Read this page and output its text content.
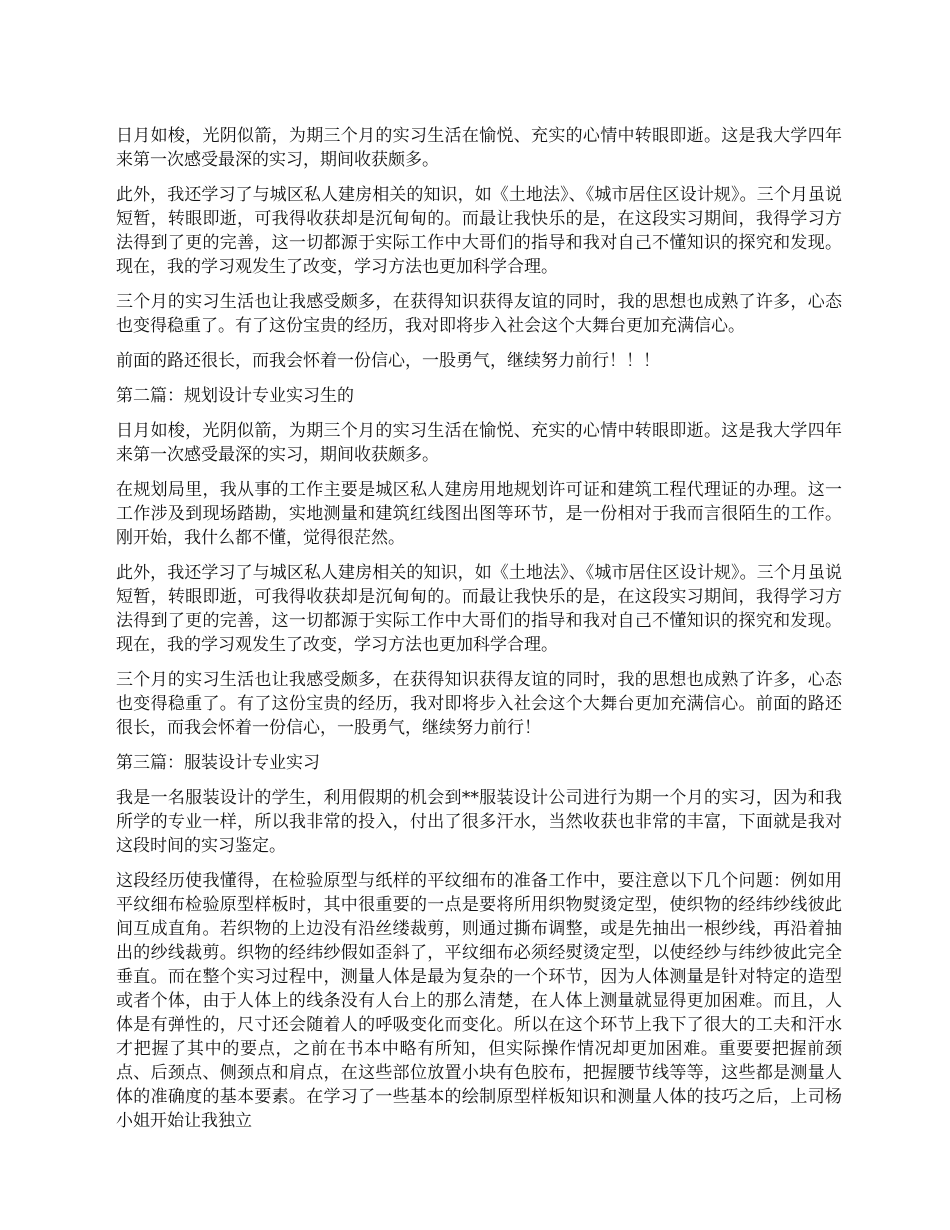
日月如梭，光阴似箭，为期三个月的实习生活在愉悦、充实的心情中转眼即逝。这是我大学四年来第一次感受最深的实习，期间收获颇多。

此外，我还学习了与城区私人建房相关的知识，如《土地法》、《城市居住区设计规》。三个月虽说短暂，转眼即逝，可我得收获却是沉甸甸的。而最让我快乐的是，在这段实习期间，我得学习方法得到了更的完善，这一切都源于实际工作中大哥们的指导和我对自己不懂知识的探究和发现。现在，我的学习观发生了改变，学习方法也更加科学合理。

三个月的实习生活也让我感受颇多，在获得知识获得友谊的同时，我的思想也成熟了许多，心态也变得稳重了。有了这份宝贵的经历，我对即将步入社会这个大舞台更加充满信心。

前面的路还很长，而我会怀着一份信心，一股勇气，继续努力前行！！！

第二篇：规划设计专业实习生的

日月如梭，光阴似箭，为期三个月的实习生活在愉悦、充实的心情中转眼即逝。这是我大学四年来第一次感受最深的实习，期间收获颇多。

在规划局里，我从事的工作主要是城区私人建房用地规划许可证和建筑工程代理证的办理。这一工作涉及到现场踏勘，实地测量和建筑红线图出图等环节，是一份相对于我而言很陌生的工作。刚开始，我什么都不懂，觉得很茫然。

此外，我还学习了与城区私人建房相关的知识，如《土地法》、《城市居住区设计规》。三个月虽说短暂，转眼即逝，可我得收获却是沉甸甸的。而最让我快乐的是，在这段实习期间，我得学习方法得到了更的完善，这一切都源于实际工作中大哥们的指导和我对自己不懂知识的探究和发现。现在，我的学习观发生了改变，学习方法也更加科学合理。

三个月的实习生活也让我感受颇多，在获得知识获得友谊的同时，我的思想也成熟了许多，心态也变得稳重了。有了这份宝贵的经历，我对即将步入社会这个大舞台更加充满信心。前面的路还很长，而我会怀着一份信心，一股勇气，继续努力前行！

第三篇：服装设计专业实习

我是一名服装设计的学生，利用假期的机会到**服装设计公司进行为期一个月的实习，因为和我所学的专业一样，所以我非常的投入，付出了很多汗水，当然收获也非常的丰富，下面就是我对这段时间的实习鉴定。

这段经历使我懂得，在检验原型与纸样的平纹细布的准备工作中，要注意以下几个问题：例如用平纹细布检验原型样板时，其中很重要的一点是要将所用织物熨烫定型，使织物的经纬纱线彼此间互成直角。若织物的上边没有沿丝缕裁剪，则通过撕布调整，或是先抽出一根纱线，再沿着抽出的纱线裁剪。织物的经纬纱假如歪斜了，平纹细布必须经熨烫定型，以使经纱与纬纱彼此完全垂直。而在整个实习过程中，测量人体是最为复杂的一个环节，因为人体测量是针对特定的造型或者个体，由于人体上的线条没有人台上的那么清楚，在人体上测量就显得更加困难。而且，人体是有弹性的，尺寸还会随着人的呼吸变化而变化。所以在这个环节上我下了很大的工夫和汗水才把握了其中的要点，之前在书本中略有所知，但实际操作情况却更加困难。重要要把握前颈点、后颈点、侧颈点和肩点，在这些部位放置小块有色胶布，把握腰节线等等，这些都是测量人体的准确度的基本要素。在学习了一些基本的绘制原型样板知识和测量人体的技巧之后，上司杨小姐开始让我独立
